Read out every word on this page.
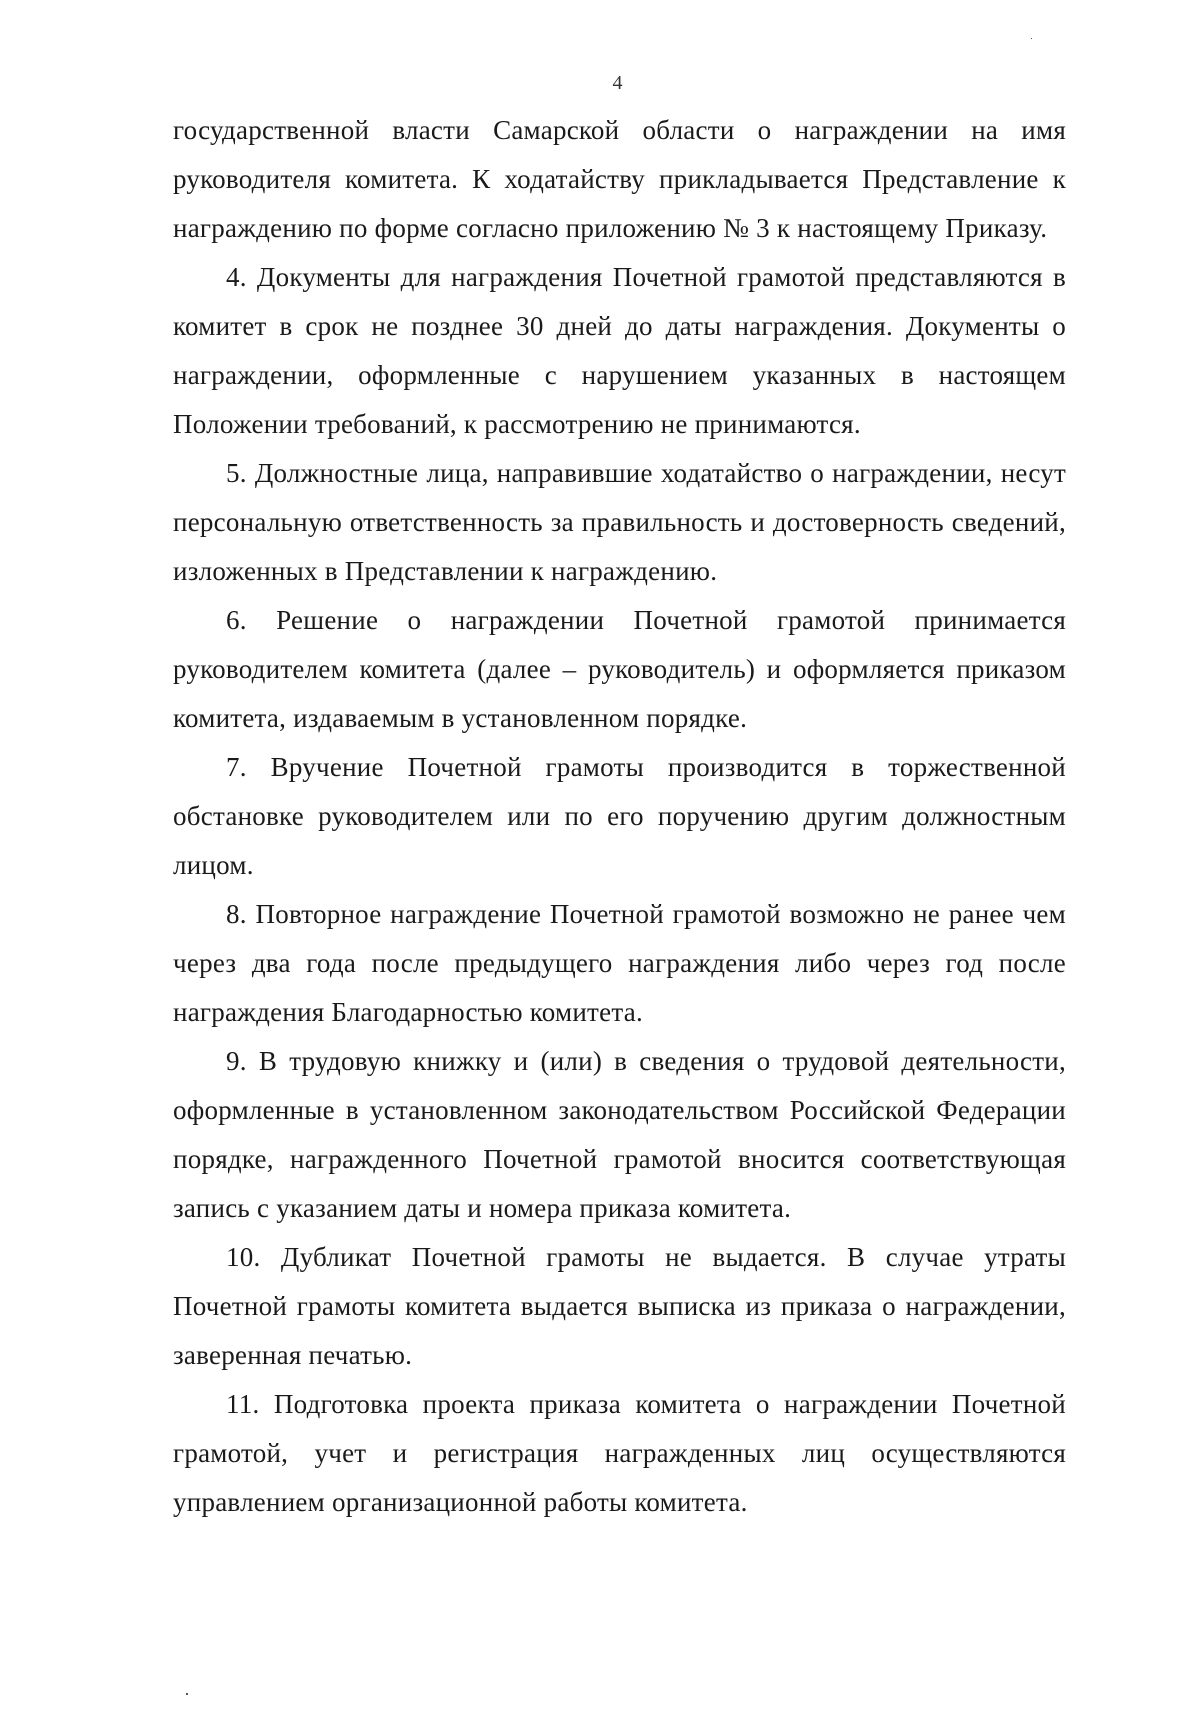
4

государственной власти Самарской области о награждении на имя руководителя комитета. К ходатайству прикладывается Представление к награждению по форме согласно приложению № 3 к настоящему Приказу.

4. Документы для награждения Почетной грамотой представляются в комитет в срок не позднее 30 дней до даты награждения. Документы о награждении, оформленные с нарушением указанных в настоящем Положении требований, к рассмотрению не принимаются.

5. Должностные лица, направившие ходатайство о награждении, несут персональную ответственность за правильность и достоверность сведений, изложенных в Представлении к награждению.

6. Решение о награждении Почетной грамотой принимается руководителем комитета (далее – руководитель) и оформляется приказом комитета, издаваемым в установленном порядке.

7. Вручение Почетной грамоты производится в торжественной обстановке руководителем или по его поручению другим должностным лицом.

8. Повторное награждение Почетной грамотой возможно не ранее чем через два года после предыдущего награждения либо через год после награждения Благодарностью комитета.

9. В трудовую книжку и (или) в сведения о трудовой деятельности, оформленные в установленном законодательством Российской Федерации порядке, награжденного Почетной грамотой вносится соответствующая запись с указанием даты и номера приказа комитета.

10. Дубликат Почетной грамоты не выдается. В случае утраты Почетной грамоты комитета выдается выписка из приказа о награждении, заверенная печатью.

11. Подготовка проекта приказа комитета о награждении Почетной грамотой, учет и регистрация награжденных лиц осуществляются управлением организационной работы комитета.
